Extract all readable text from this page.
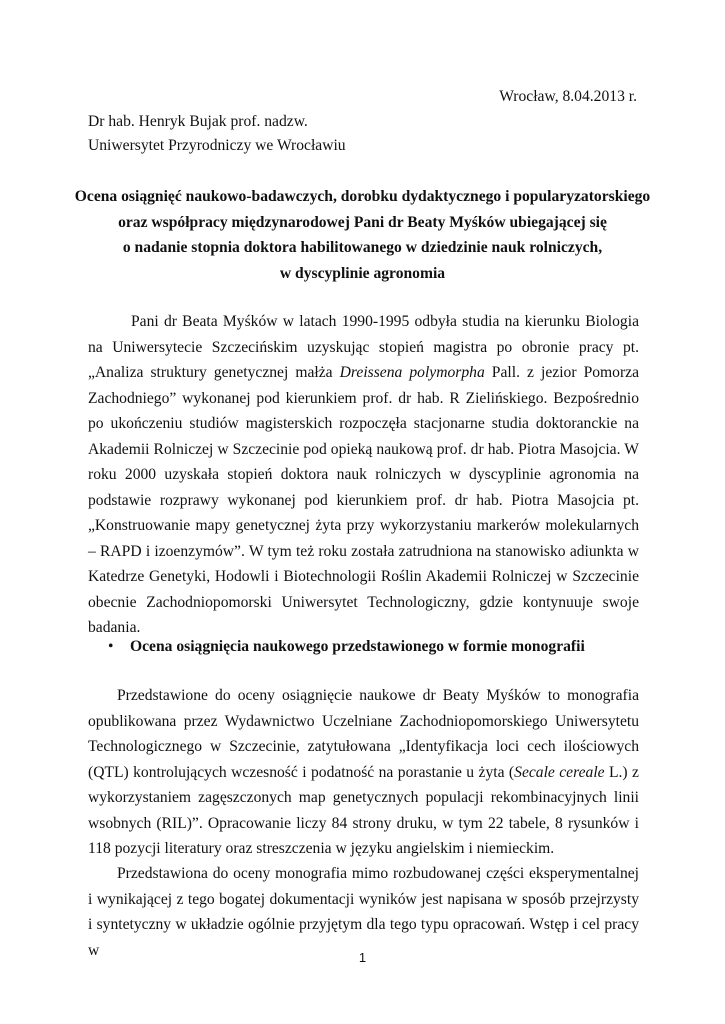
Wrocław, 8.04.2013 r.
Dr hab. Henryk Bujak prof. nadzw.
Uniwersytet Przyrodniczy we Wrocławiu
Ocena osiągnięć naukowo-badawczych, dorobku dydaktycznego i popularyzatorskiego
oraz współpracy międzynarodowej Pani dr Beaty Myśków ubiegającej się
o nadanie stopnia doktora habilitowanego w dziedzinie nauk rolniczych,
w dyscyplinie agronomia
Pani dr Beata Myśków w latach 1990-1995 odbyła studia na kierunku Biologia na Uniwersytecie Szczecińskim uzyskując stopień magistra po obronie pracy pt. „Analiza struktury genetycznej małża Dreissena polymorpha Pall. z jezior Pomorza Zachodniego” wykonanej pod kierunkiem prof. dr hab. R Zielińskiego. Bezpośrednio po ukończeniu studiów magisterskich rozpoczęła stacjonarne studia doktoranckie na Akademii Rolniczej w Szczecinie pod opieką naukową prof. dr hab. Piotra Masojcia. W roku 2000 uzyskała stopień doktora nauk rolniczych w dyscyplinie agronomia na podstawie rozprawy wykonanej pod kierunkiem prof. dr hab. Piotra Masojcia pt. „Konstruowanie mapy genetycznej żyta przy wykorzystaniu markerów molekularnych – RAPD i izoenzymów”. W tym też roku została zatrudniona na stanowisko adiunkta w Katedrze Genetyki, Hodowli i Biotechnologii Roślin Akademii Rolniczej w Szczecinie obecnie Zachodniopomorski Uniwersytet Technologiczny, gdzie kontynuuje swoje badania.
• Ocena osiągnięcia naukowego przedstawionego w formie monografii
Przedstawione do oceny osiągnięcie naukowe dr Beaty Myśków to monografia opublikowana przez Wydawnictwo Uczelniane Zachodniopomorskiego Uniwersytetu Technologicznego w Szczecinie, zatytułowana „Identyfikacja loci cech ilościowych (QTL) kontrolujących wczesność i podatność na porastanie u żyta (Secale cereale L.) z wykorzystaniem zagęszczonych map genetycznych populacji rekombinacyjnych linii wsobnych (RIL)”. Opracowanie liczy 84 strony druku, w tym 22 tabele, 8 rysunków i 118 pozycji literatury oraz streszczenia w języku angielskim i niemieckim.
Przedstawiona do oceny monografia mimo rozbudowanej części eksperymentalnej i wynikającej z tego bogatej dokumentacji wyników jest napisana w sposób przejrzysty i syntetyczny w układzie ogólnie przyjętym dla tego typu opracowań. Wstęp i cel pracy w	1
